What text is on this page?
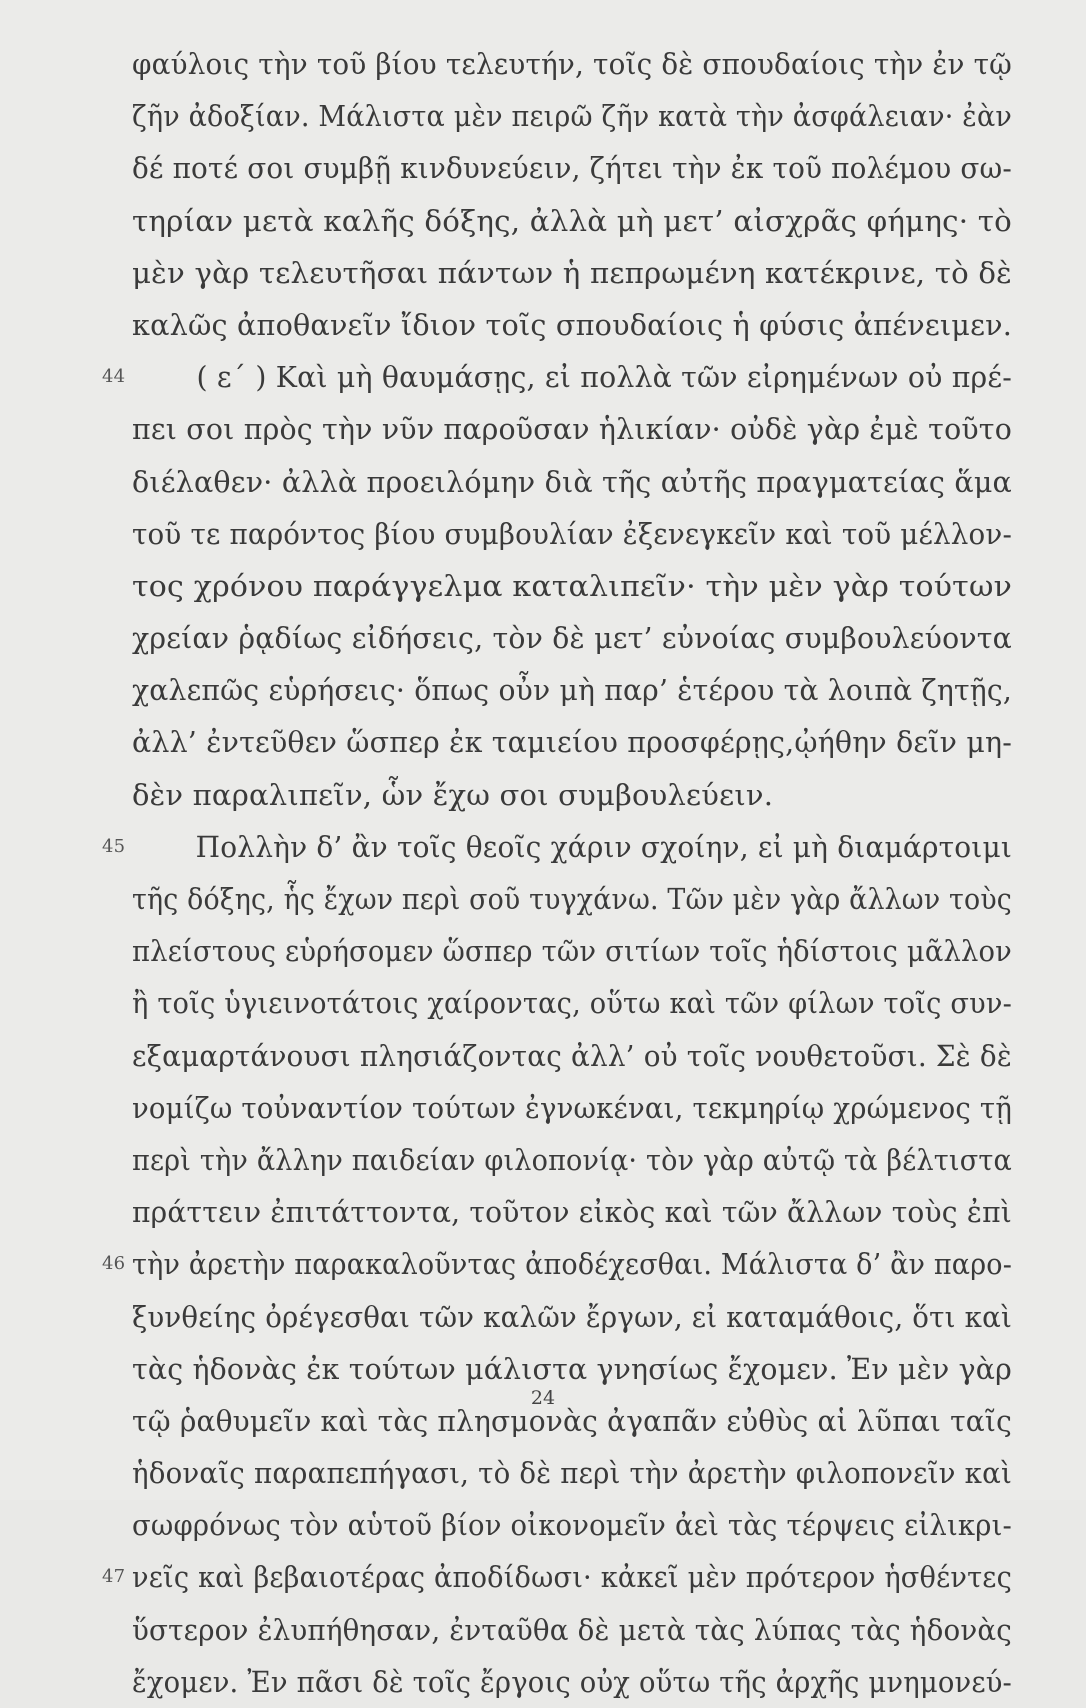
φαύλοις τὴν τοῦ βίου τελευτήν, τοῖς δὲ σπουδαίοις τὴν ἐν τῷ
ζῆν ἀδοξίαν. Μάλιστα μὲν πειρῶ ζῆν κατὰ τὴν ἀσφάλειαν· ἐὰν
δέ ποτέ σοι συμβῇ κινδυνεύειν, ζήτει τὴν ἐκ τοῦ πολέμου σω-
τηρίαν μετὰ καλῆς δόξης, ἀλλὰ μὴ μετ’ αἰσχρᾶς φήμης· τὸ
μὲν γὰρ τελευτῆσαι πάντων ἡ πεπρωμένη κατέκρινε, τὸ δὲ
καλῶς ἀποθανεῖν ἴδιον τοῖς σπουδαίοις ἡ φύσις ἀπένειμεν.
44 ( ε΄ ) Καὶ μὴ θαυμάσῃς, εἰ πολλὰ τῶν εἰρημένων οὐ πρέ-
πει σοι πρὸς τὴν νῦν παροῦσαν ἡλικίαν· οὐδὲ γὰρ ἐμὲ τοῦτο
διέλαθεν· ἀλλὰ προειλόμην διὰ τῆς αὐτῆς πραγματείας ἅμα
τοῦ τε παρόντος βίου συμβουλίαν ἐξενεγκεῖν καὶ τοῦ μέλλον-
τος χρόνου παράγγελμα καταλιπεῖν· τὴν μὲν γὰρ τούτων
χρείαν ῥᾳδίως εἰδήσεις, τὸν δὲ μετ’ εὐνοίας συμβουλεύοντα
χαλεπῶς εὑρήσεις· ὅπως οὖν μὴ παρ’ ἑτέρου τὰ λοιπὰ ζητῇς,
ἀλλ’ ἐντεῦθεν ὥσπερ ἐκ ταμιείου προσφέρῃς,ᾠήθην δεῖν μη-
δὲν παραλιπεῖν, ὧν ἔχω σοι συμβουλεύειν.
45 Πολλὴν δ’ ἂν τοῖς θεοῖς χάριν σχοίην, εἰ μὴ διαμάρτοιμι
τῆς δόξης, ἧς ἔχων περὶ σοῦ τυγχάνω. Τῶν μὲν γὰρ ἄλλων τοὺς
πλείστους εὑρήσομεν ὥσπερ τῶν σιτίων τοῖς ἡδίστοις μᾶλλον
ἢ τοῖς ὑγιεινοτάτοις χαίροντας, οὕτω καὶ τῶν φίλων τοῖς συν-
εξαμαρτάνουσι πλησιάζοντας ἀλλ’ οὐ τοῖς νουθετοῦσι. Σὲ δὲ
νομίζω τοὐναντίον τούτων ἐγνωκέναι, τεκμηρίῳ χρώμενος τῇ
περὶ τὴν ἄλλην παιδείαν φιλοπονίᾳ· τὸν γὰρ αὐτῷ τὰ βέλτιστα
πράττειν ἐπιτάττοντα, τοῦτον εἰκὸς καὶ τῶν ἄλλων τοὺς ἐπὶ
46 τὴν ἀρετὴν παρακαλοῦντας ἀποδέχεσθαι. Μάλιστα δ’ ἂν παρο-
ξυνθείης ὀρέγεσθαι τῶν καλῶν ἔργων, εἰ καταμάθοις, ὅτι καὶ
τὰς ἡδονὰς ἐκ τούτων μάλιστα γνησίως ἔχομεν. Ἐν μὲν γὰρ
τῷ ῥαθυμεῖν καὶ τὰς πλησμονὰς ἀγαπᾶν εὐθὺς αἱ λῦπαι ταῖς
ἡδοναῖς παραπεπήγασι, τὸ δὲ περὶ τὴν ἀρετὴν φιλοπονεῖν καὶ
σωφρόνως τὸν αὑτοῦ βίον οἰκονομεῖν ἀεὶ τὰς τέρψεις εἰλικρι-
47 νεῖς καὶ βεβαιοτέρας ἀποδίδωσι· κἀκεῖ μὲν πρότερον ἡσθέντες
ὕστερον ἐλυπήθησαν, ἐνταῦθα δὲ μετὰ τὰς λύπας τὰς ἡδονὰς
ἔχομεν. Ἐν πᾶσι δὲ τοῖς ἔργοις οὐχ οὕτω τῆς ἀρχῆς μνημονεύ-
24
